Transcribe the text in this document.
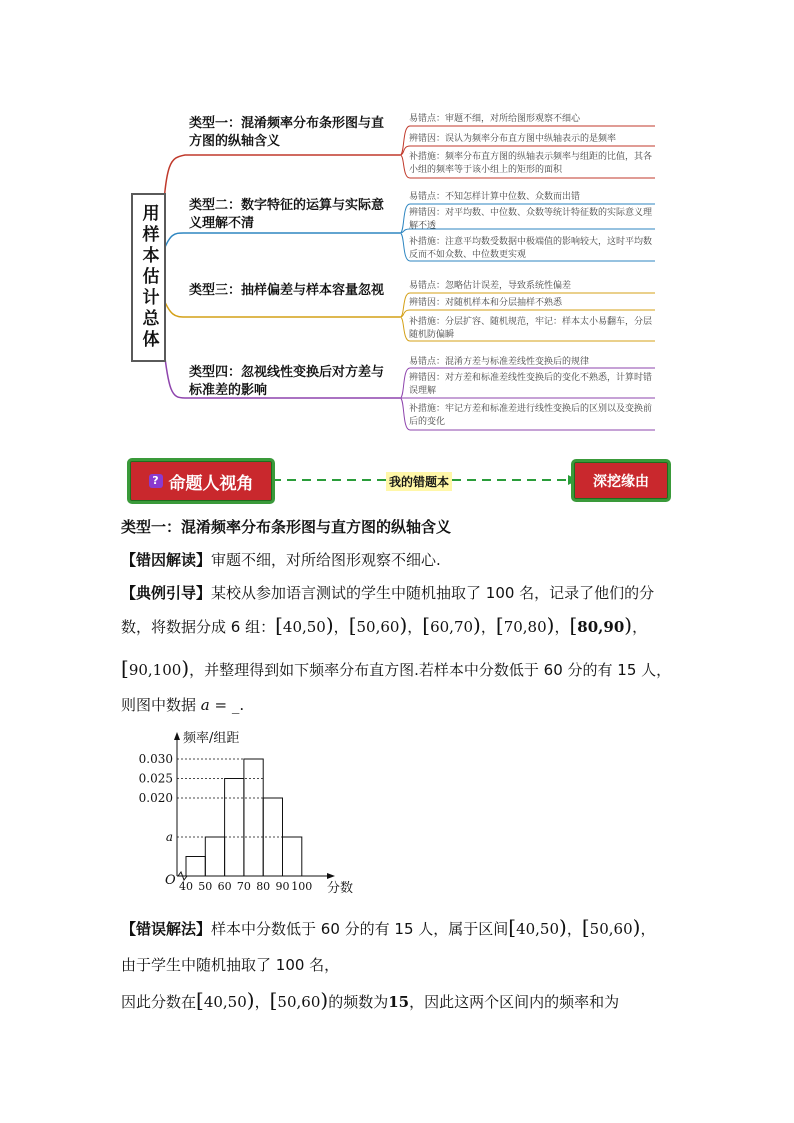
用样本估计总体
类型一：混淆频率分布条形图与直方图的纵轴含义
类型二：数字特征的运算与实际意义理解不清
类型三：抽样偏差与样本容量忽视
类型四：忽视线性变换后对方差与标准差的影响
易错点：审题不细，对所给图形观察不细心
辨错因：误认为频率分布直方图中纵轴表示的是频率
补措施：频率分布直方图的纵轴表示频率与组距的比值，其各小组的频率等于该小组上的矩形的面积
易错点：不知怎样计算中位数、众数而出错
辨错因：对平均数、中位数、众数等统计特征数的实际意义理解不透
补措施：注意平均数受数据中极端值的影响较大，这时平均数反而不如众数、中位数更实观
易错点：忽略估计误差，导致系统性偏差
辨错因：对随机样本和分层抽样不熟悉
补措施：分层扩容、随机规范，牢记：样本太小易翻车，分层随机防偏瞬
易错点：混淆方差与标准差线性变换后的规律
辨错因：对方差和标准差线性变换后的变化不熟悉，计算时错误理解
补措施：牢记方差和标准差进行线性变换后的区别以及变换前后的变化
? 命题人视角	我的错题本	深挖缘由
类型一：混淆频率分布条形图与直方图的纵轴含义
【错因解读】审题不细，对所给图形观察不细心.
【典例引导】某校从参加语言测试的学生中随机抽取了 100 名，记录了他们的分
数，将数据分成 6 组：[40,50)，[50,60)，[60,70)，[70,80)，[80,90)，
[90,100)，并整理得到如下频率分布直方图.若样本中分数低于 60 分的有 15 人，
则图中数据 a = _.
0.030
0.025
0.020
a
40 50 60 70 80 90 100
O
频率/组距
分数
【错误解法】样本中分数低于 60 分的有 15 人，属于区间[40,50)，[50,60)，
由于学生中随机抽取了 100 名，
因此分数在[40,50)，[50,60)的频数为15，因此这两个区间内的频率和为
